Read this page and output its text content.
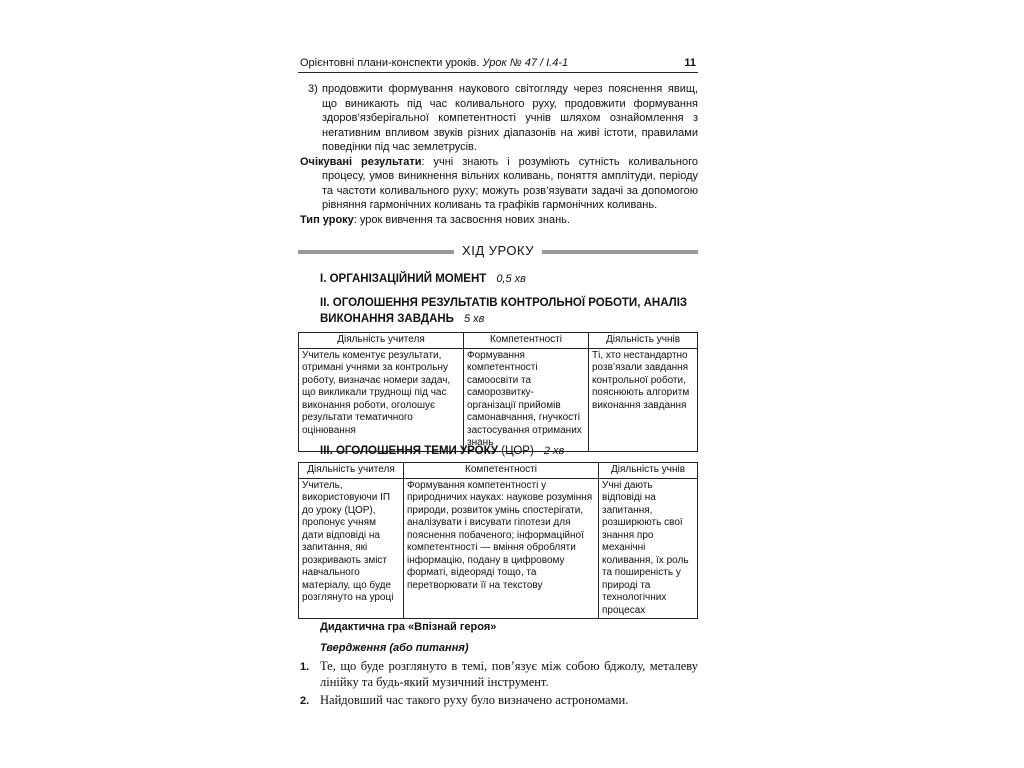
Орієнтовні плани-конспекти уроків. Урок № 47 / І.4-1	11
3) продовжити формування наукового світогляду через пояснення явищ, що виникають під час коливального руху, продовжити формування здоров’язберігальної компетентності учнів шляхом ознайомлення з негативним впливом звуків різних діапазонів на живі істоти, правилами поведінки під час землетрусів.
Очікувані результати: учні знають і розуміють сутність коливального процесу, умов виникнення вільних коливань, поняття амплітуди, періоду та частоти коливального руху; можуть розв’язувати задачі за допомогою рівняння гармонічних коливань та графіків гармонічних коливань.
Тип уроку: урок вивчення та засвоєння нових знань.
ХІД УРОКУ
І. ОРГАНІЗАЦІЙНИЙ МОМЕНТ 0,5 хв
ІІ. ОГОЛОШЕННЯ РЕЗУЛЬТАТІВ КОНТРОЛЬНОЇ РОБОТИ, АНАЛІЗ
ВИКОНАННЯ ЗАВДАНЬ 5 хв
Діяльність учителя	Компетентності	Діяльність учнів
Учитель коментує результати, отримані учнями за контрольну роботу, визначає номери задач, що викликали труднощі під час виконання роботи, оголошує результати тематичного оцінювання	Формування компетентності самоосвіти та саморозвитку- організації прийомів самонавчання, гнучкості застосування отриманих знань	Ті, хто нестандартно розв’язали завдання контрольної роботи, пояснюють алгоритм виконання завдання
ІІІ. ОГОЛОШЕННЯ ТЕМИ УРОКУ (ЦОР) 2 хв
Діяльність учителя	Компетентності	Діяльність учнів
Учитель, використовуючи ІП до уроку (ЦОР), пропонує учням дати відповіді на запитання, які розкривають зміст навчального матеріалу, що буде розглянуто на уроці	Формування компетентності у природничих науках: наукове розуміння природи, розвиток умінь спостерігати, аналізувати і висувати гіпотези для пояснення побаченого; інформаційної компетентності — вміння обробляти інформацію, подану в цифровому форматі, відеоряді тощо, та перетворювати її на текстову	Учні дають відповіді на запитання, розширюють свої знання про механічні коливання, їх роль та поширеність у природі та технологічних процесах
Дидактична гра «Впізнай героя»
Твердження (або питання)
1. Те, що буде розглянуто в темі, пов’язує між собою бджолу, металеву лінійку та будь-який музичний інструмент.
2. Найдовший час такого руху було визначено астрономами.
